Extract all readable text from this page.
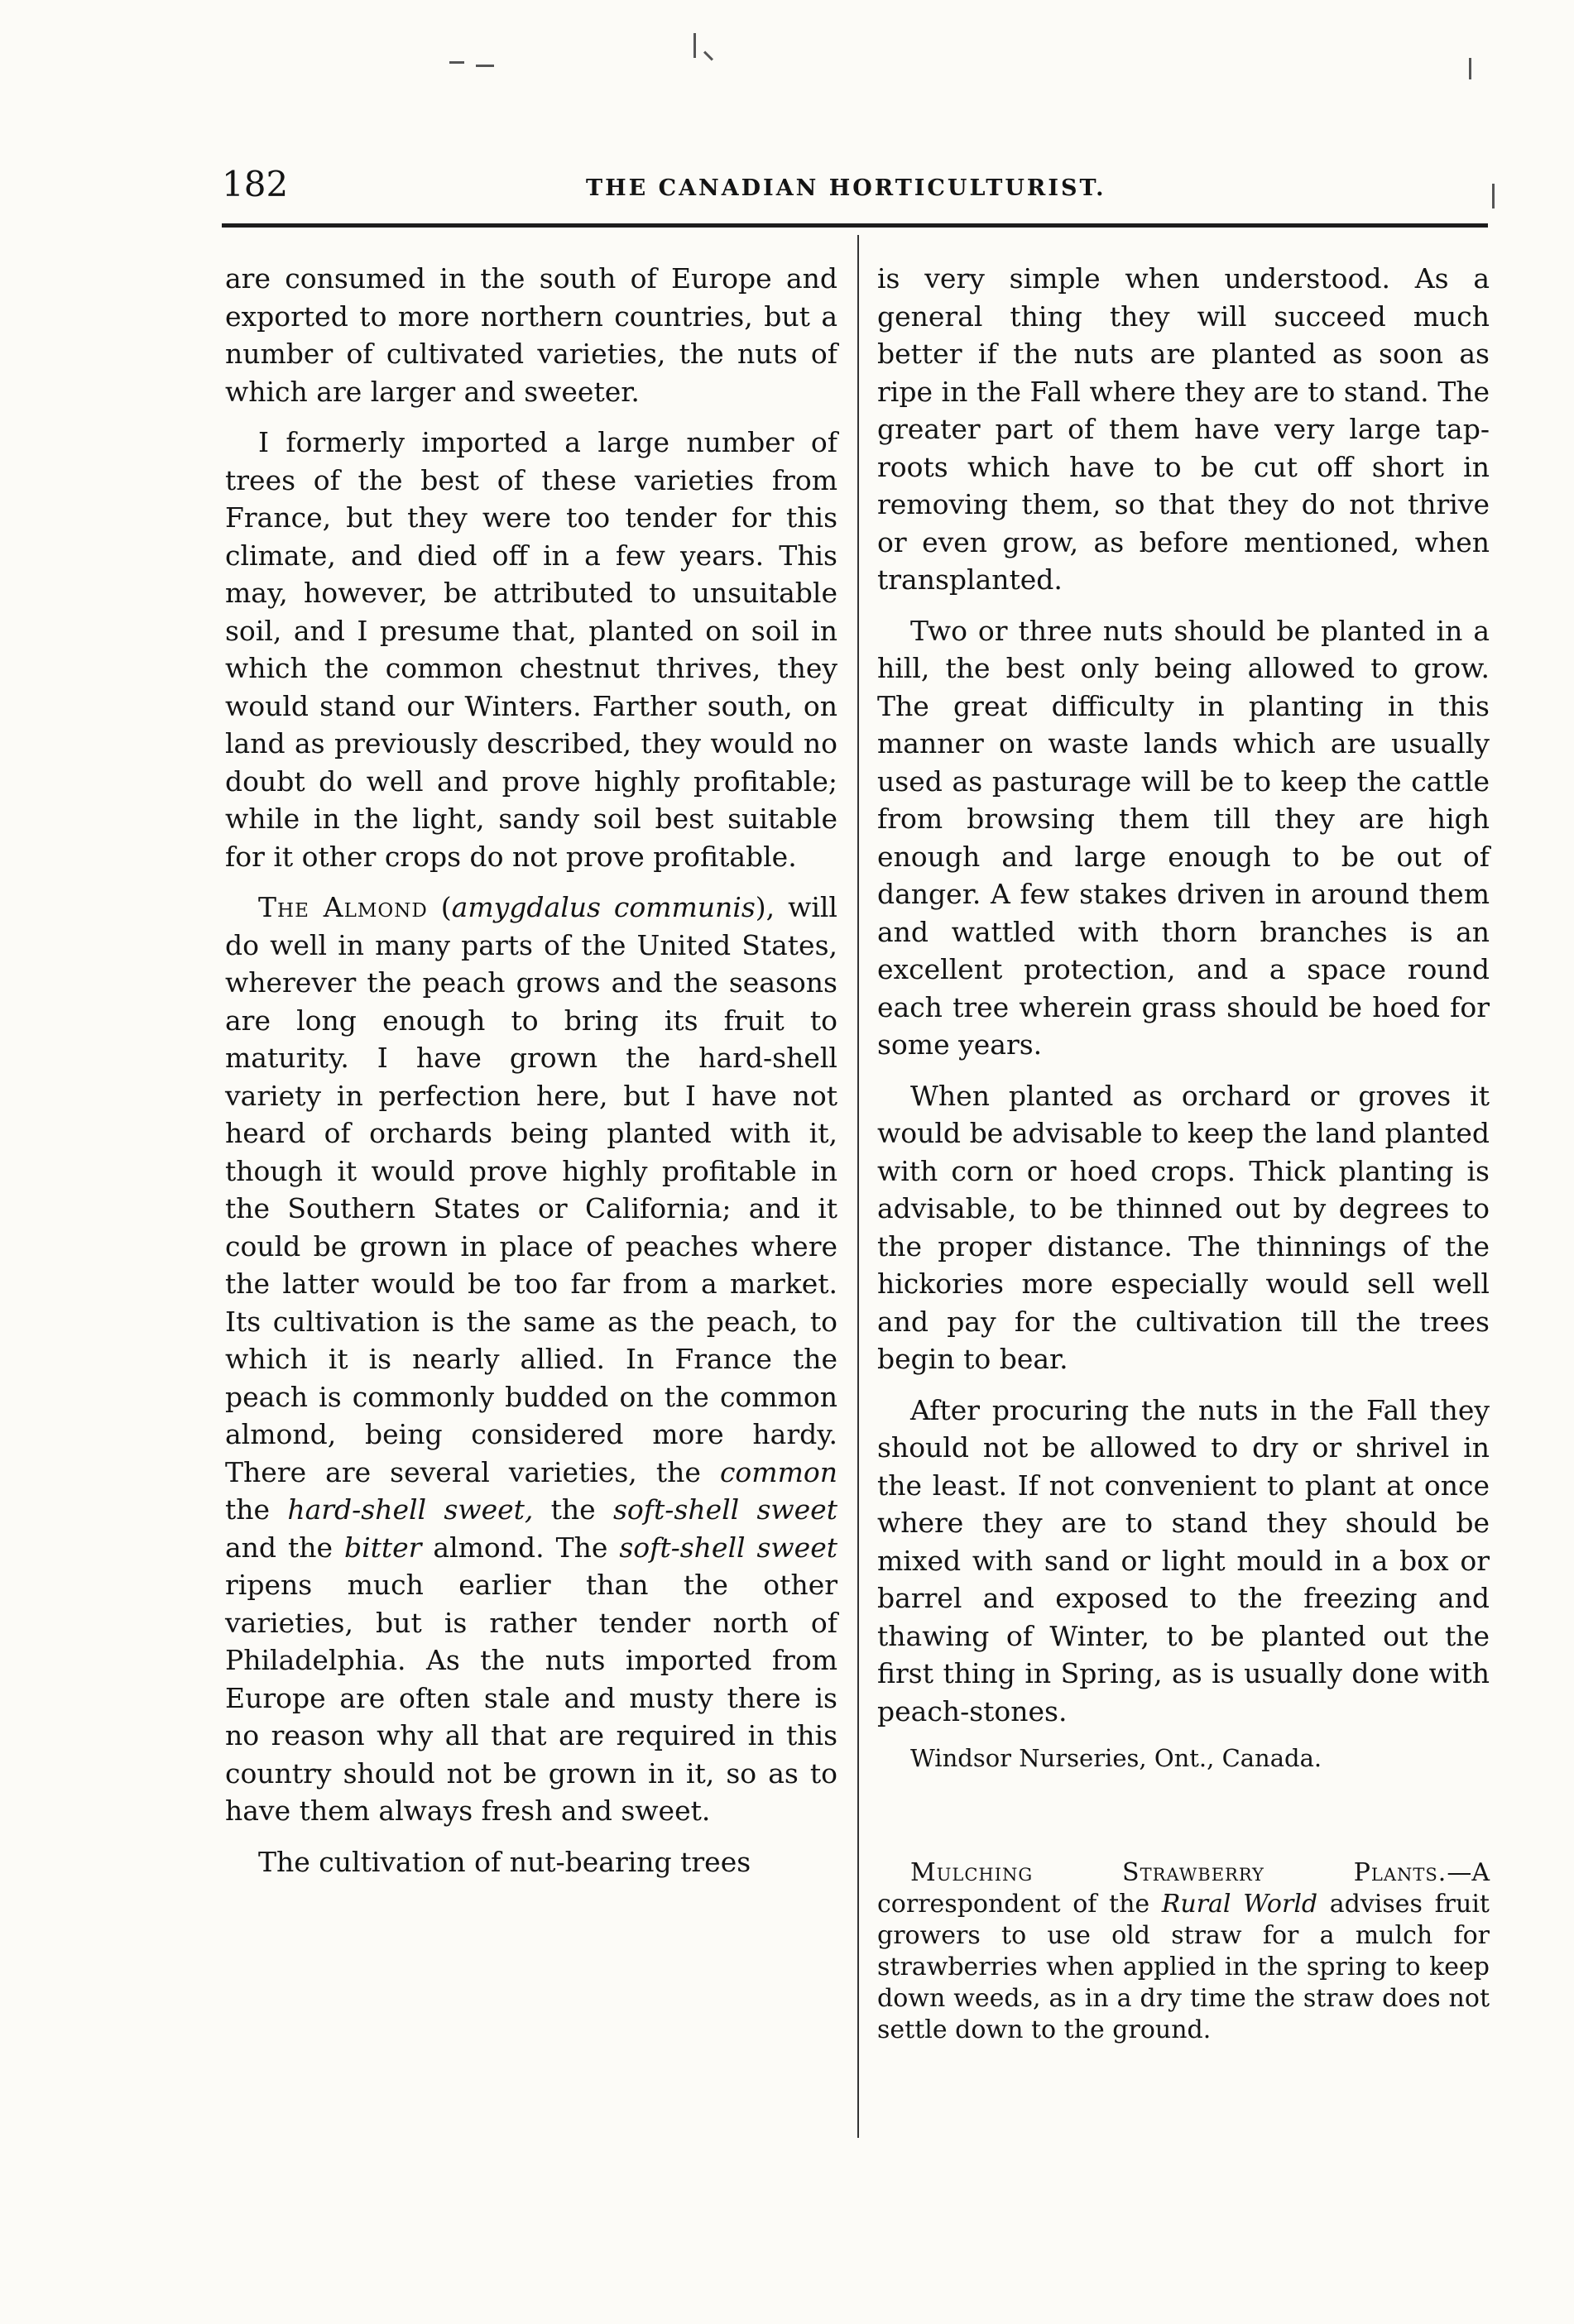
182	THE CANADIAN HORTICULTURIST.

are consumed in the south of Europe and exported to more northern countries, but a number of cultivated varieties, the nuts of which are larger and sweeter.

I formerly imported a large number of trees of the best of these varieties from France, but they were too tender for this climate, and died off in a few years. This may, however, be attributed to unsuitable soil, and I presume that, planted on soil in which the common chestnut thrives, they would stand our Winters. Farther south, on land as previously described, they would no doubt do well and prove highly profitable; while in the light, sandy soil best suitable for it other crops do not prove profitable.

The Almond (amygdalus communis), will do well in many parts of the United States, wherever the peach grows and the seasons are long enough to bring its fruit to maturity. I have grown the hard-shell variety in perfection here, but I have not heard of orchards being planted with it, though it would prove highly profitable in the Southern States or California; and it could be grown in place of peaches where the latter would be too far from a market. Its cultivation is the same as the peach, to which it is nearly allied. In France the peach is commonly budded on the common almond, being considered more hardy. There are several varieties, the common the hard-shell sweet, the soft-shell sweet and the bitter almond. The soft-shell sweet ripens much earlier than the other varieties, but is rather tender north of Philadelphia. As the nuts imported from Europe are often stale and musty there is no reason why all that are required in this country should not be grown in it, so as to have them always fresh and sweet.

The cultivation of nut-bearing trees

is very simple when understood. As a general thing they will succeed much better if the nuts are planted as soon as ripe in the Fall where they are to stand. The greater part of them have very large tap-roots which have to be cut off short in removing them, so that they do not thrive or even grow, as before mentioned, when transplanted.

Two or three nuts should be planted in a hill, the best only being allowed to grow. The great difficulty in planting in this manner on waste lands which are usually used as pasturage will be to keep the cattle from browsing them till they are high enough and large enough to be out of danger. A few stakes driven in around them and wattled with thorn branches is an excellent protection, and a space round each tree wherein grass should be hoed for some years.

When planted as orchard or groves it would be advisable to keep the land planted with corn or hoed crops. Thick planting is advisable, to be thinned out by degrees to the proper distance. The thinnings of the hickories more especially would sell well and pay for the cultivation till the trees begin to bear.

After procuring the nuts in the Fall they should not be allowed to dry or shrivel in the least. If not convenient to plant at once where they are to stand they should be mixed with sand or light mould in a box or barrel and exposed to the freezing and thawing of Winter, to be planted out the first thing in Spring, as is usually done with peach-stones.

Windsor Nurseries, Ont., Canada.

Mulching Strawberry Plants.—A correspondent of the Rural World advises fruit growers to use old straw for a mulch for strawberries when applied in the spring to keep down weeds, as in a dry time the straw does not settle down to the ground.
